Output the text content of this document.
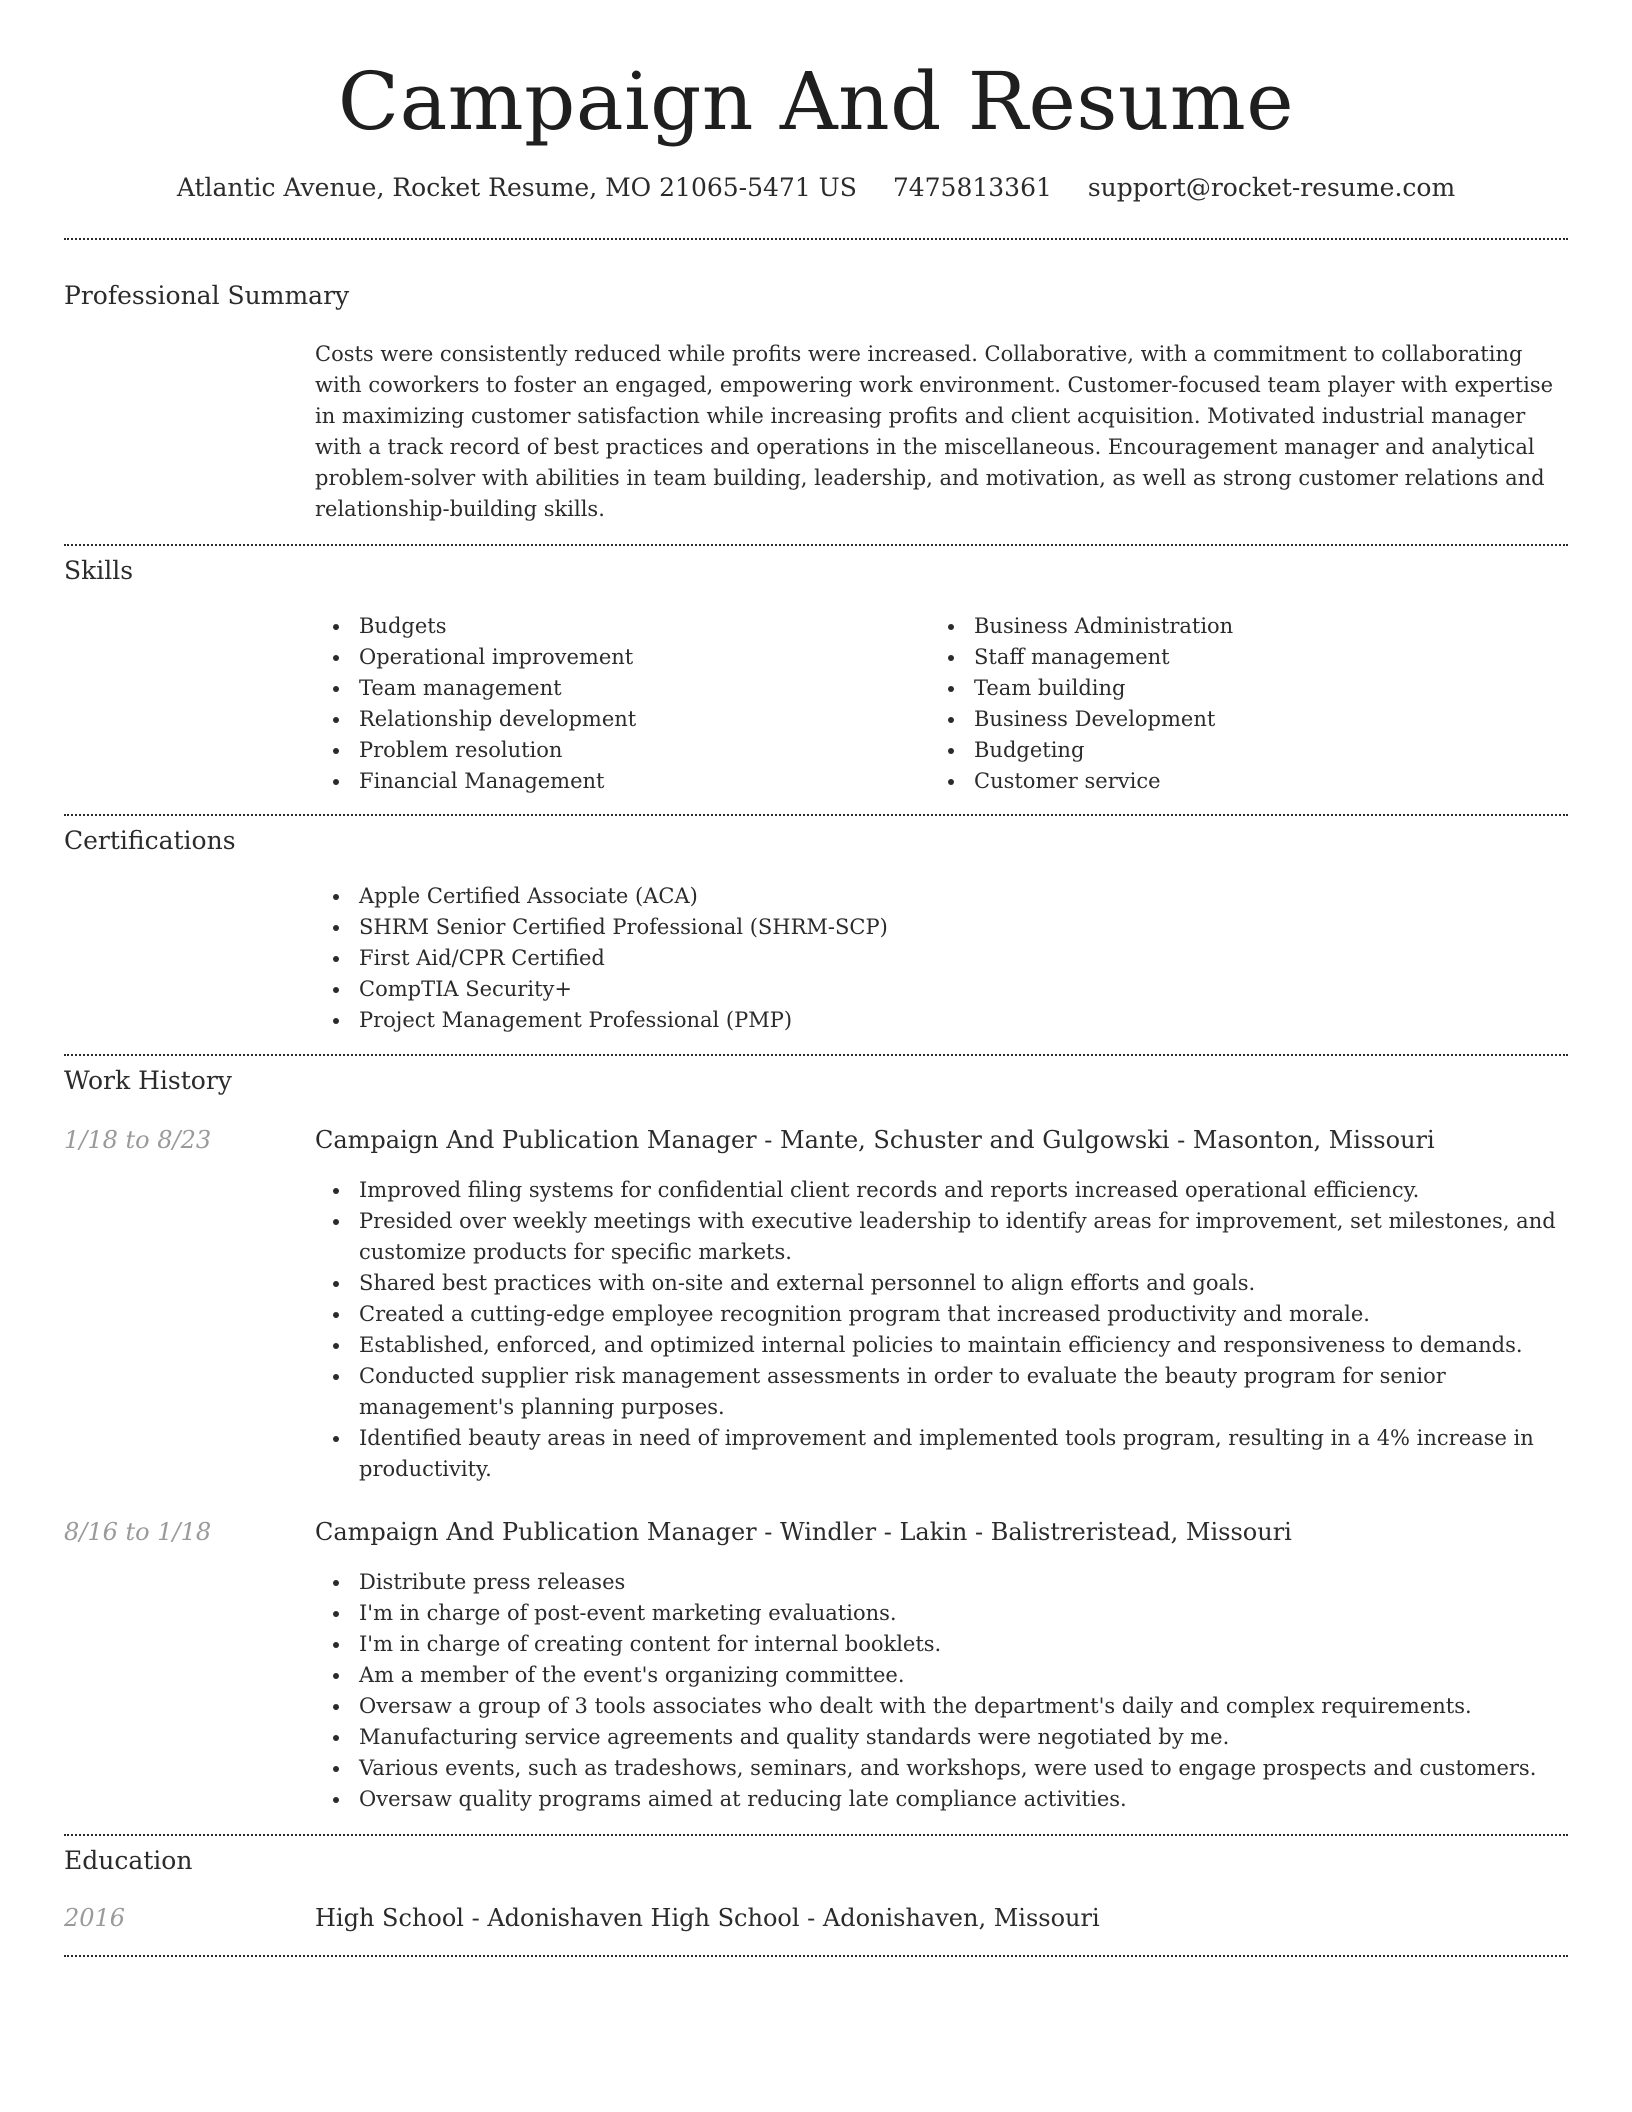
Campaign And Resume
Atlantic Avenue, Rocket Resume, MO 21065-5471 US 7475813361 support@rocket-resume.com
Professional Summary

Costs were consistently reduced while profits were increased. Collaborative, with a commitment to collaborating with coworkers to foster an engaged, empowering work environment. Customer-focused team player with expertise in maximizing customer satisfaction while increasing profits and client acquisition. Motivated industrial manager with a track record of best practices and operations in the miscellaneous. Encouragement manager and analytical problem-solver with abilities in team building, leadership, and motivation, as well as strong customer relations and relationship-building skills.

Skills
Budgets
Operational improvement
Team management
Relationship development
Problem resolution
Financial Management
Business Administration
Staff management
Team building
Business Development
Budgeting
Customer service
Certifications
Apple Certified Associate (ACA)
SHRM Senior Certified Professional (SHRM-SCP)
First Aid/CPR Certified
CompTIA Security+
Project Management Professional (PMP)
Work History
1/18 to 8/23	Campaign And Publication Manager - Mante, Schuster and Gulgowski - Masonton, Missouri
Improved filing systems for confidential client records and reports increased operational efficiency.
Presided over weekly meetings with executive leadership to identify areas for improvement, set milestones, and customize products for specific markets.
Shared best practices with on-site and external personnel to align efforts and goals.
Created a cutting-edge employee recognition program that increased productivity and morale.
Established, enforced, and optimized internal policies to maintain efficiency and responsiveness to demands.
Conducted supplier risk management assessments in order to evaluate the beauty program for senior management's planning purposes.
Identified beauty areas in need of improvement and implemented tools program, resulting in a 4% increase in productivity.
8/16 to 1/18	Campaign And Publication Manager - Windler - Lakin - Balistreristead, Missouri
Distribute press releases
I'm in charge of post-event marketing evaluations.
I'm in charge of creating content for internal booklets.
Am a member of the event's organizing committee.
Oversaw a group of 3 tools associates who dealt with the department's daily and complex requirements.
Manufacturing service agreements and quality standards were negotiated by me.
Various events, such as tradeshows, seminars, and workshops, were used to engage prospects and customers.
Oversaw quality programs aimed at reducing late compliance activities.
Education
2016	High School - Adonishaven High School - Adonishaven, Missouri
